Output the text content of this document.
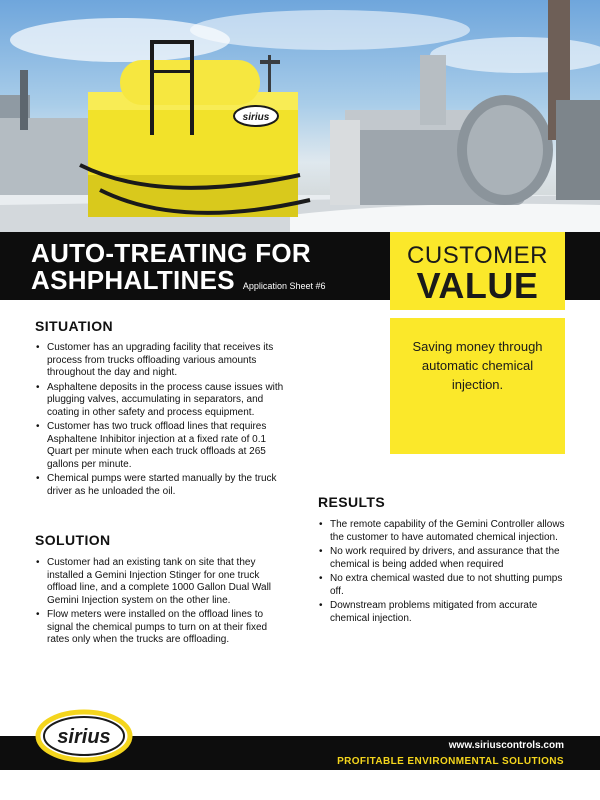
sirius
AUTO-TREATING FOR
ASHPHALTINES Application Sheet #6
CUSTOMER
VALUE
Saving money through automatic chemical injection.
SITUATION
• Customer has an upgrading facility that receives its process from trucks offloading various amounts throughout the day and night.
• Asphaltene deposits in the process cause issues with plugging valves, accumulating in separators, and coating in other safety and process equipment.
• Customer has two truck offload lines that requires Asphaltene Inhibitor injection at a fixed rate of 0.1 Quart per minute when each truck offloads at 265 gallons per minute.
• Chemical pumps were started manually by the truck driver as he unloaded the oil.
SOLUTION
• Customer had an existing tank on site that they installed a Gemini Injection Stinger for one truck offload line, and a complete 1000 Gallon Dual Wall Gemini Injection system on the other line.
• Flow meters were installed on the offload lines to signal the chemical pumps to turn on at their fixed rates only when the trucks are offloading.
RESULTS
• The remote capability of the Gemini Controller allows the customer to have automated chemical injection.
• No work required by drivers, and assurance that the chemical is being added when required
• No extra chemical wasted due to not shutting pumps off.
• Downstream problems mitigated from accurate chemical injection.
sirius	www.siriuscontrols.com
PROFITABLE ENVIRONMENTAL SOLUTIONS
